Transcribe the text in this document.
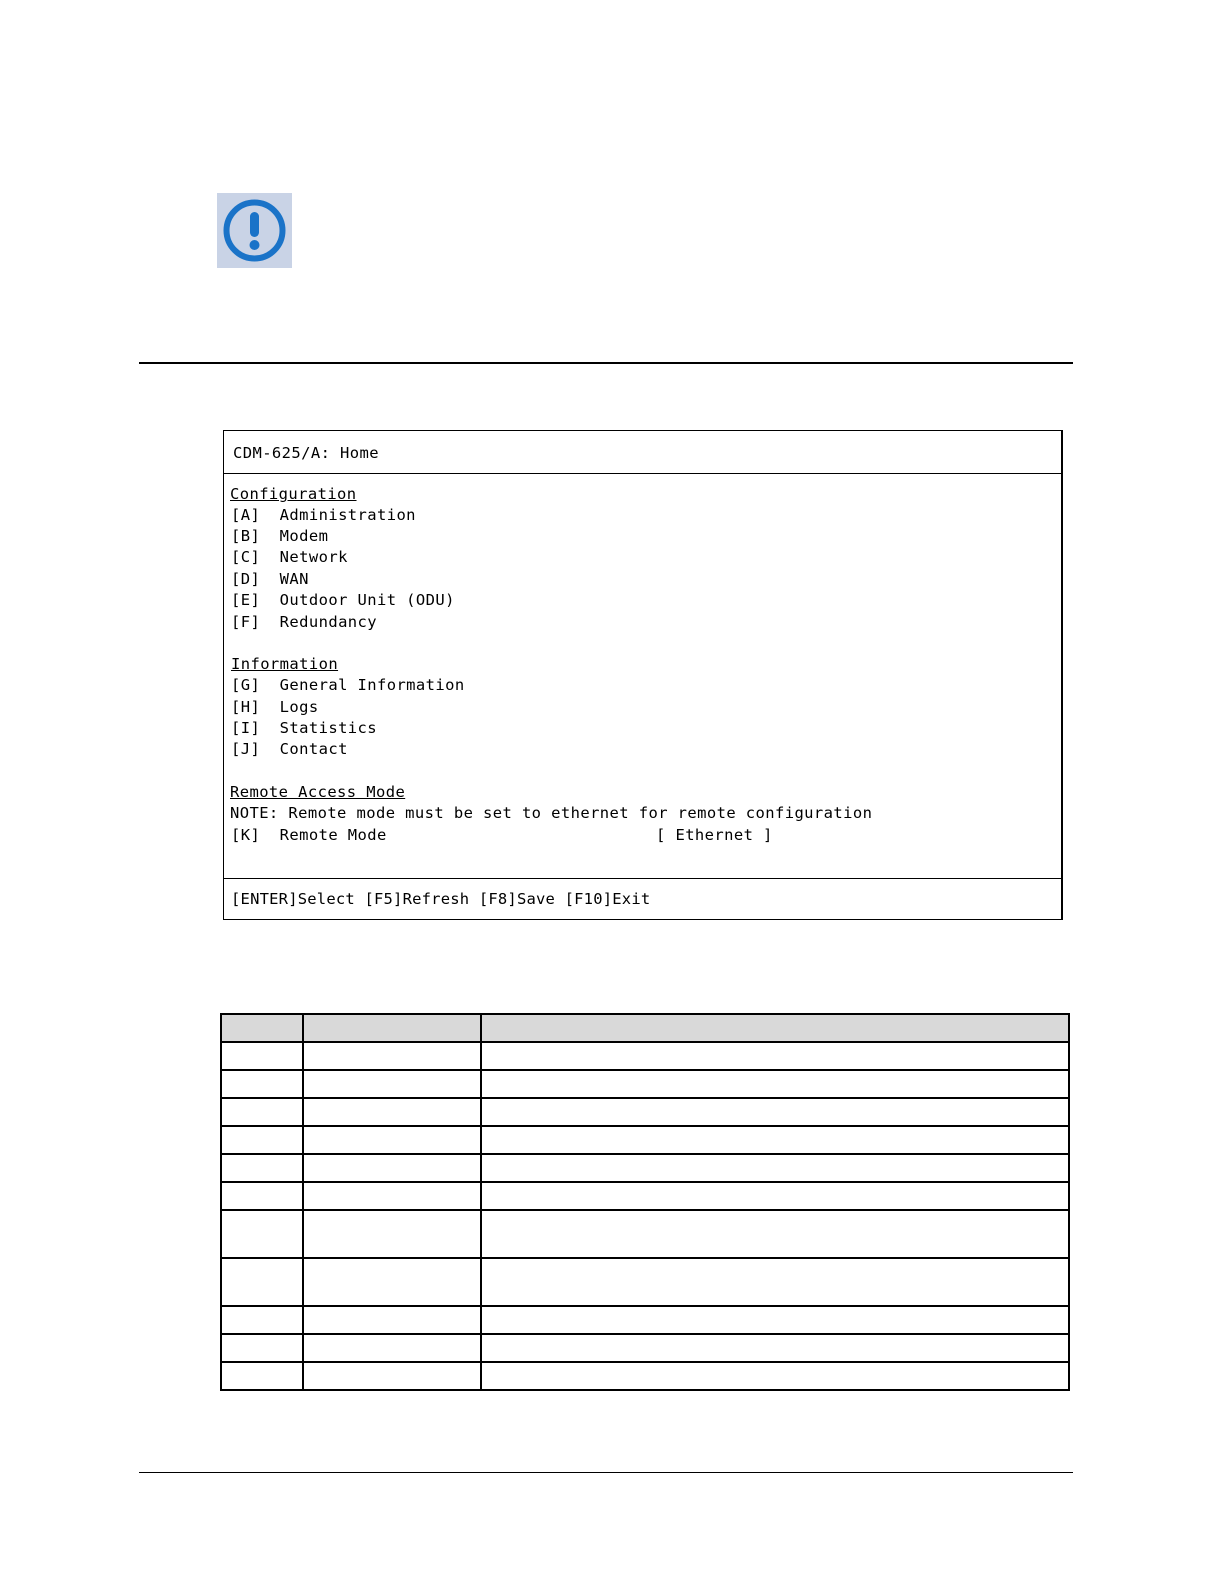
CDM-625/A: Home
Configuration
[A] Administration
[B] Modem
[C] Network
[D] WAN
[E] Outdoor Unit (ODU)
[F] Redundancy
Information
[G] General Information
[H] Logs
[I] Statistics
[J] Contact
Remote Access Mode
NOTE: Remote mode must be set to ethernet for remote configuration
[K] Remote Mode	[ Ethernet ]
[ENTER]Select [F5]Refresh [F8]Save [F10]Exit
